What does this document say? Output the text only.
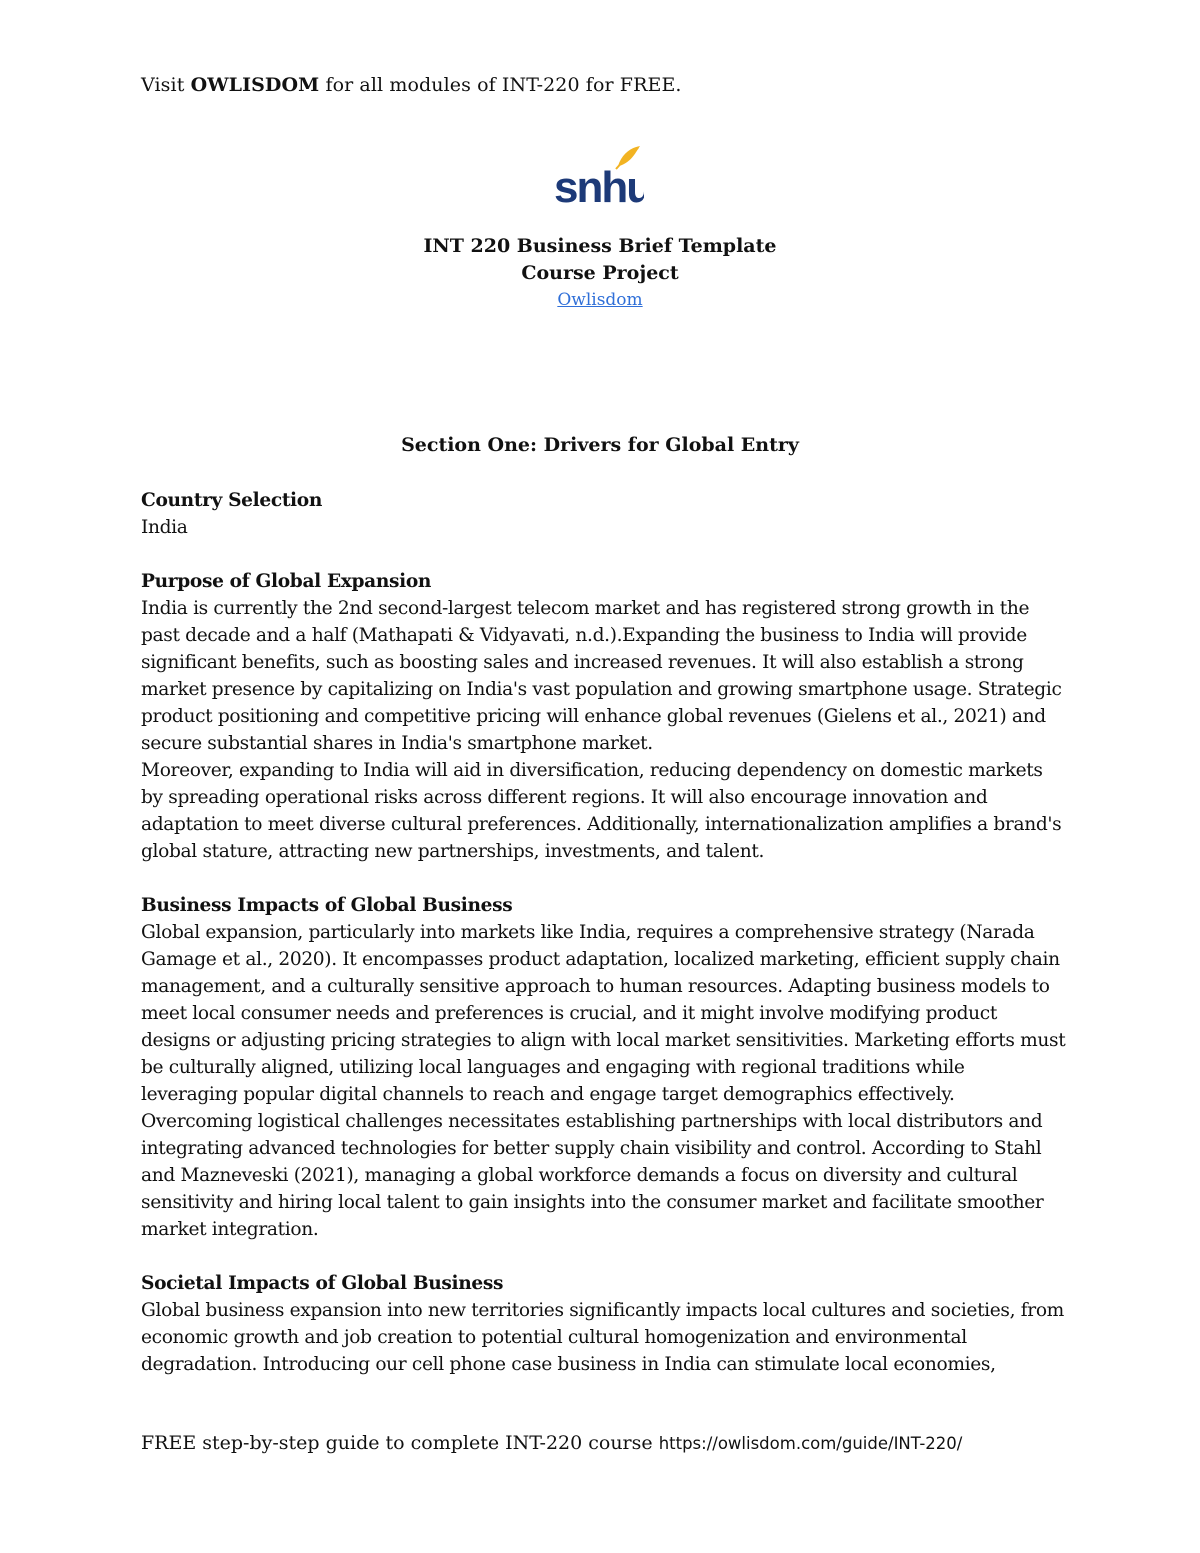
Visit OWLISDOM for all modules of INT-220 for FREE.
snhu
INT 220 Business Brief Template
Course Project
Owlisdom
Section One: Drivers for Global Entry
Country Selection

India

Purpose of Global Expansion

India is currently the 2nd second-largest telecom market and has registered strong growth in the past decade and a half (Mathapati & Vidyavati, n.d.).Expanding the business to India will provide significant benefits, such as boosting sales and increased revenues. It will also establish a strong market presence by capitalizing on India's vast population and growing smartphone usage. Strategic product positioning and competitive pricing will enhance global revenues (Gielens et al., 2021) and secure substantial shares in India's smartphone market.

Moreover, expanding to India will aid in diversification, reducing dependency on domestic markets by spreading operational risks across different regions. It will also encourage innovation and adaptation to meet diverse cultural preferences. Additionally, internationalization amplifies a brand's global stature, attracting new partnerships, investments, and talent.

Business Impacts of Global Business

Global expansion, particularly into markets like India, requires a comprehensive strategy (Narada Gamage et al., 2020). It encompasses product adaptation, localized marketing, efficient supply chain management, and a culturally sensitive approach to human resources. Adapting business models to meet local consumer needs and preferences is crucial, and it might involve modifying product designs or adjusting pricing strategies to align with local market sensitivities. Marketing efforts must be culturally aligned, utilizing local languages and engaging with regional traditions while leveraging popular digital channels to reach and engage target demographics effectively.

Overcoming logistical challenges necessitates establishing partnerships with local distributors and integrating advanced technologies for better supply chain visibility and control. According to Stahl and Mazneveski (2021), managing a global workforce demands a focus on diversity and cultural sensitivity and hiring local talent to gain insights into the consumer market and facilitate smoother market integration.

Societal Impacts of Global Business

Global business expansion into new territories significantly impacts local cultures and societies, from economic growth and job creation to potential cultural homogenization and environmental degradation. Introducing our cell phone case business in India can stimulate local economies,

FREE step-by-step guide to complete INT-220 course https://owlisdom.com/guide/INT-220/
